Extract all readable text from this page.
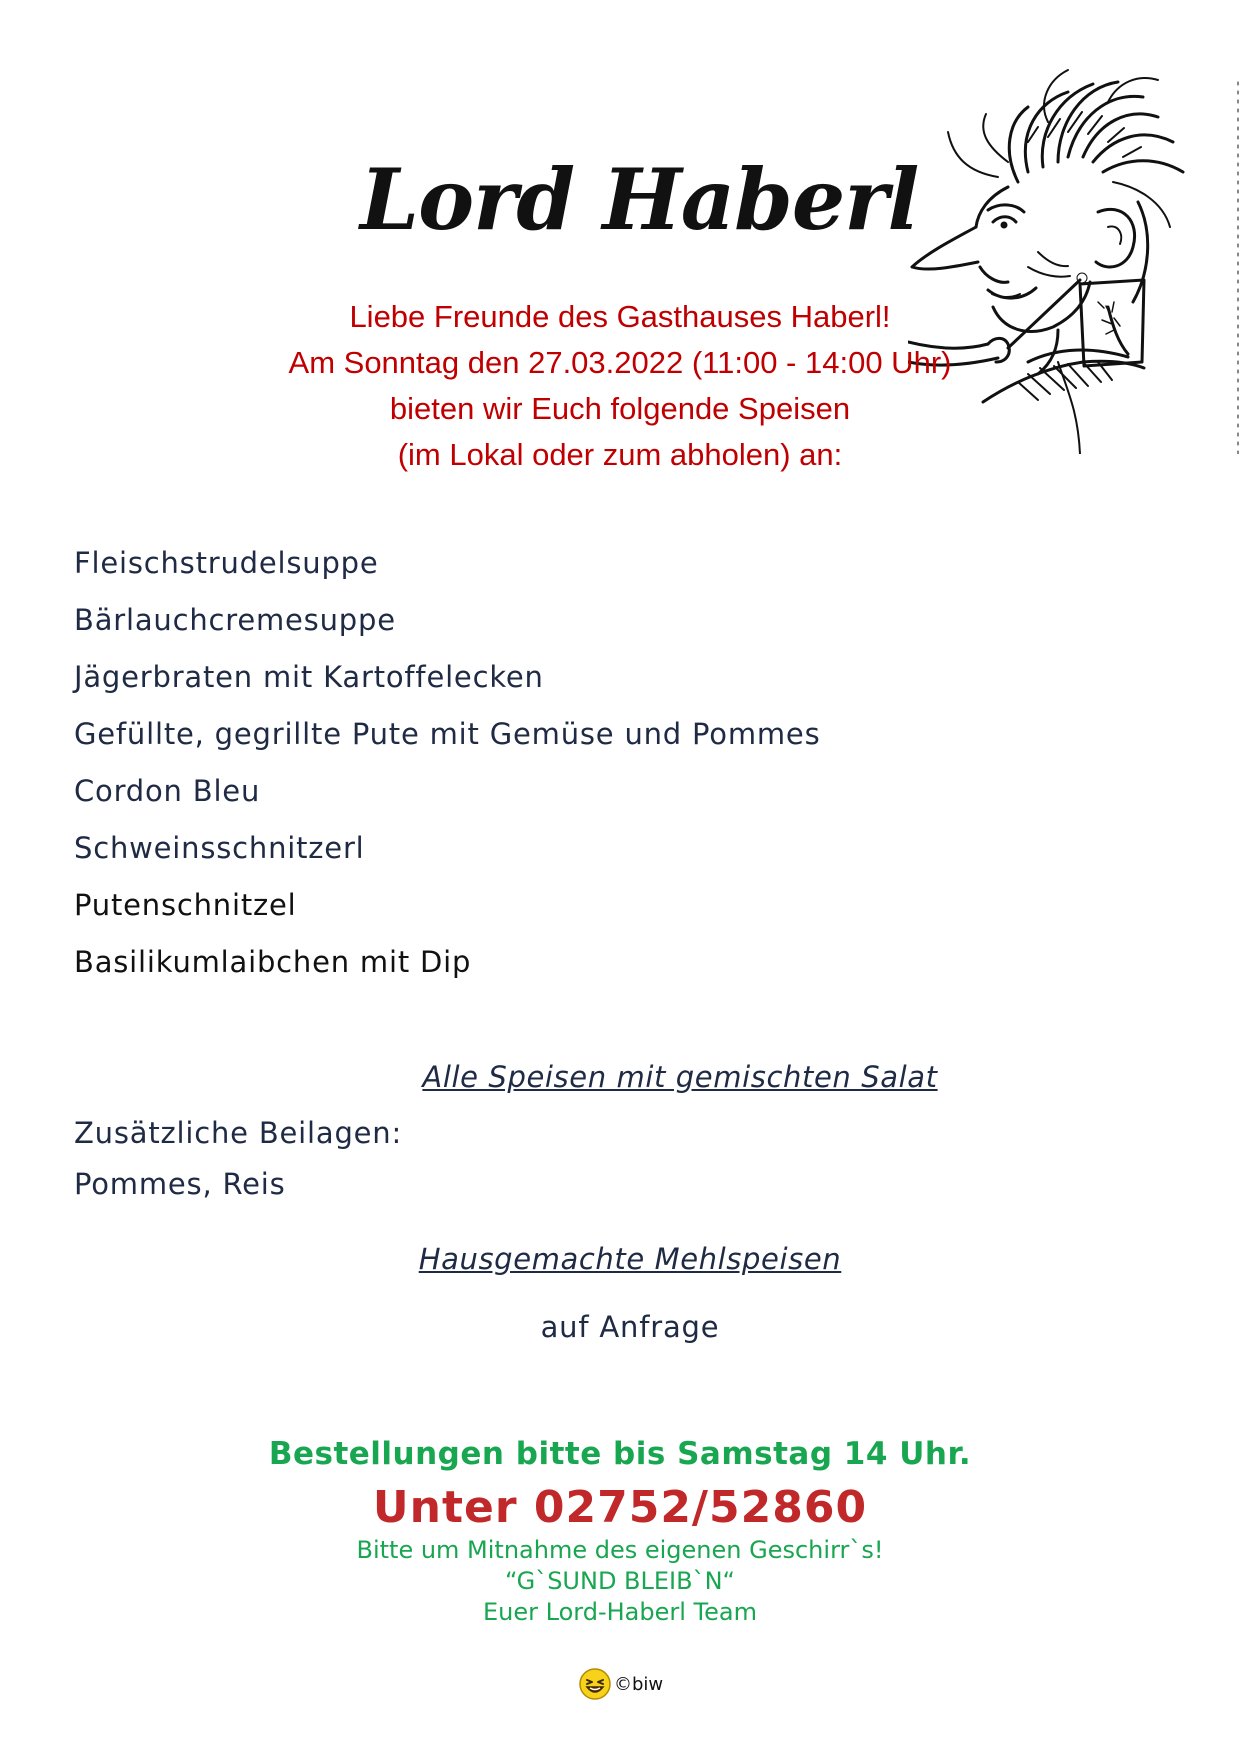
Lord Haberl
Liebe Freunde des Gasthauses Haberl!
Am Sonntag den 27.03.2022 (11:00 - 14:00 Uhr)
bieten wir Euch folgende Speisen
(im Lokal oder zum abholen) an:
Fleischstrudelsuppe
Bärlauchcremesuppe
Jägerbraten mit Kartoffelecken
Gefüllte, gegrillte Pute mit Gemüse und Pommes
Cordon Bleu
Schweinsschnitzerl
Putenschnitzel
Basilikumlaibchen mit Dip
Alle Speisen mit gemischten Salat
Zusätzliche Beilagen:
Pommes, Reis
Hausgemachte Mehlspeisen
auf Anfrage
Bestellungen bitte bis Samstag 14 Uhr.
Unter 02752/52860
Bitte um Mitnahme des eigenen Geschirr`s!
“G`SUND BLEIB`N“
Euer Lord-Haberl Team
©biw
